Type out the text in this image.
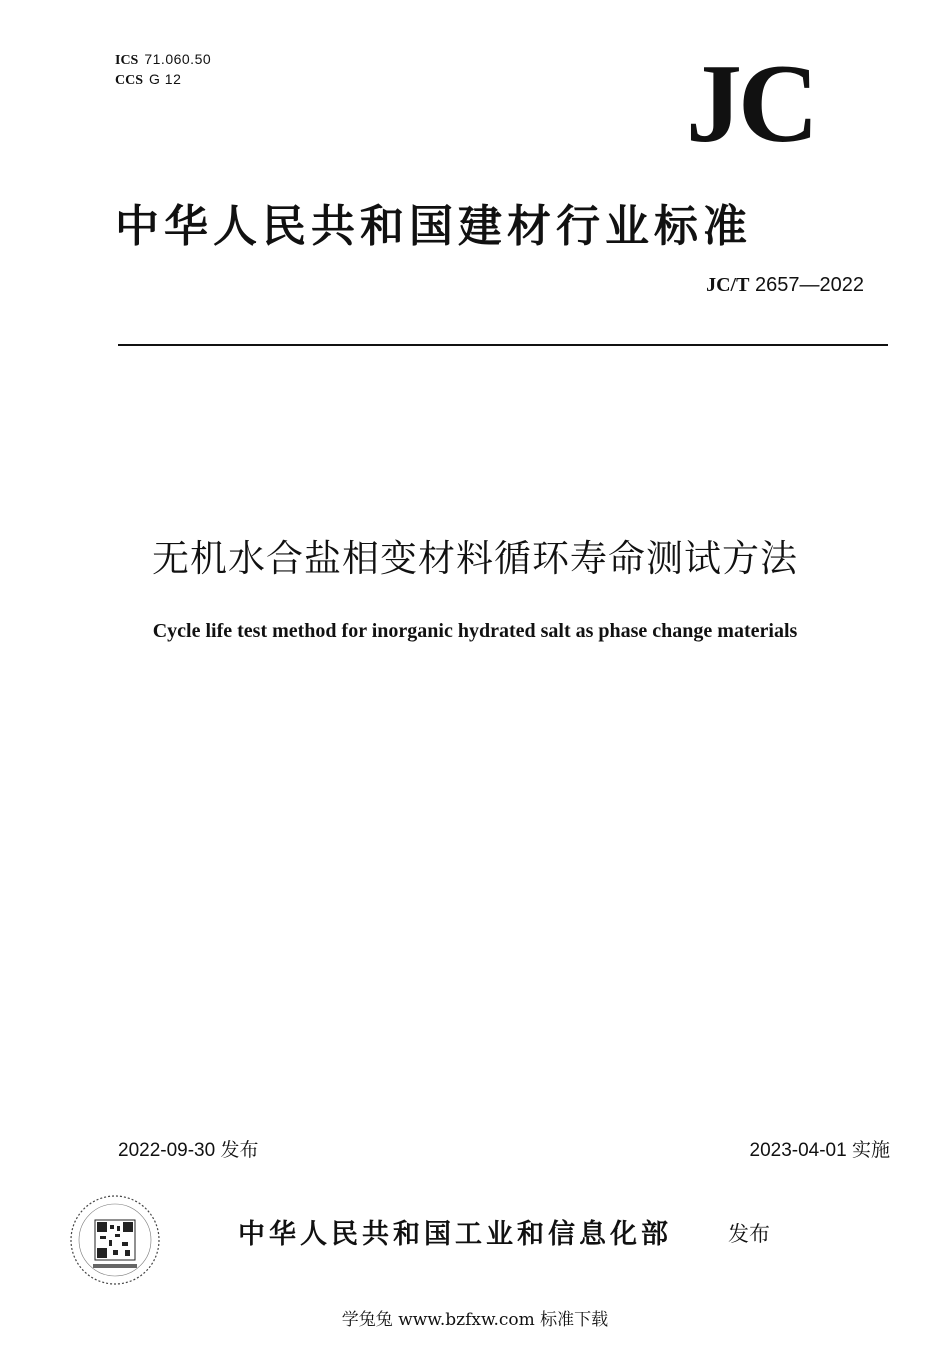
ICS 71.060.50
CCS G 12	JC
中华人民共和国建材行业标准
JC/T 2657—2022
无机水合盐相变材料循环寿命测试方法
Cycle life test method for inorganic hydrated salt as phase change materials
2022-09-30 发布	2023-04-01 实施
中华人民共和国工业和信息化部	发布
学兔兔 www.bzfxw.com 标准下载
